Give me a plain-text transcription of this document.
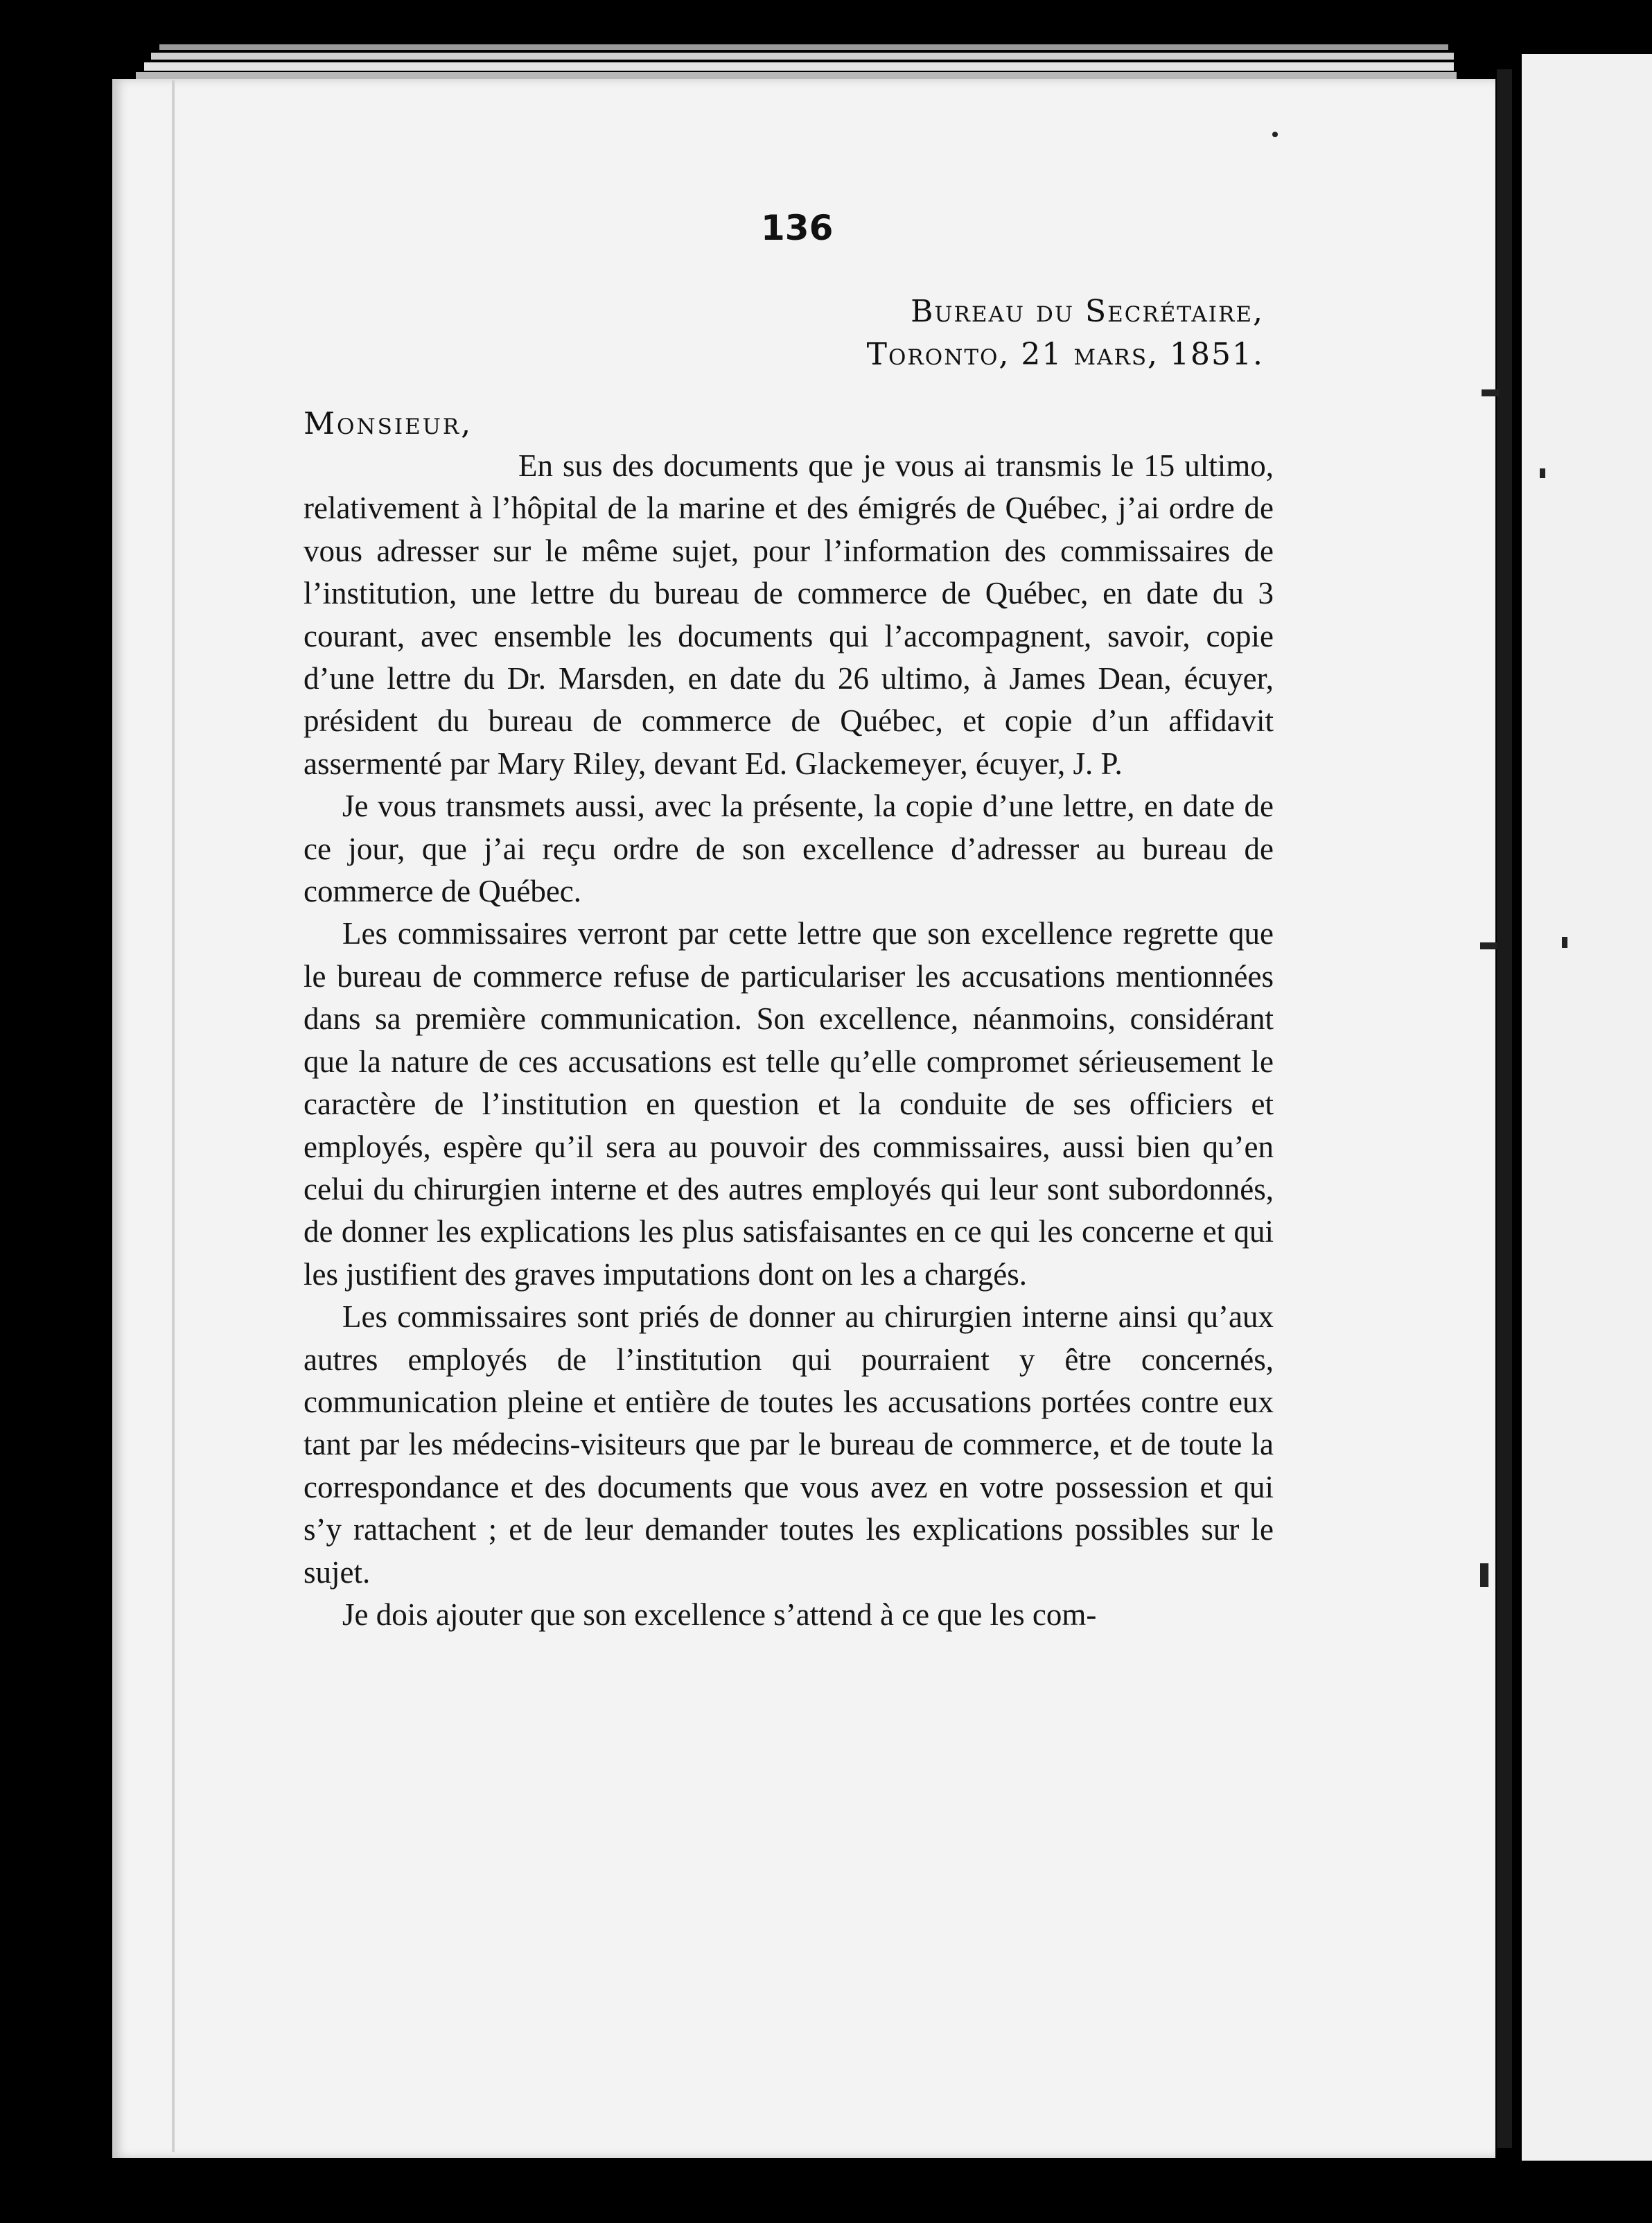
136
Bureau du Secrétaire,
Toronto, 21 mars, 1851.
Monsieur,

En sus des documents que je vous ai transmis le 15 ultimo, relativement à l’hôpital de la marine et des émigrés de Québec, j’ai ordre de vous adresser sur le même sujet, pour l’information des commissaires de l’institution, une lettre du bureau de commerce de Québec, en date du 3 courant, avec ensemble les documents qui l’accompagnent, savoir, copie d’une lettre du Dr. Marsden, en date du 26 ultimo, à James Dean, écuyer, président du bureau de commerce de Québec, et copie d’un affidavit assermenté par Mary Riley, devant Ed. Glackemeyer, écuyer, J. P.

Je vous transmets aussi, avec la présente, la copie d’une lettre, en date de ce jour, que j’ai reçu ordre de son excellence d’adresser au bureau de commerce de Québec.

Les commissaires verront par cette lettre que son excellence regrette que le bureau de commerce refuse de particulariser les accusations mentionnées dans sa première communication. Son excellence, néanmoins, considérant que la nature de ces accusations est telle qu’elle compromet sérieusement le caractère de l’institution en question et la conduite de ses officiers et employés, espère qu’il sera au pouvoir des commissaires, aussi bien qu’en celui du chirurgien interne et des autres employés qui leur sont subordonnés, de donner les explications les plus satisfaisantes en ce qui les concerne et qui les justifient des graves imputations dont on les a chargés.

Les commissaires sont priés de donner au chirurgien interne ainsi qu’aux autres employés de l’institution qui pourraient y être concernés, communication pleine et entière de toutes les accusations portées contre eux tant par les médecins-visiteurs que par le bureau de commerce, et de toute la correspondance et des documents que vous avez en votre possession et qui s’y rattachent ; et de leur demander toutes les explications possibles sur le sujet.

Je dois ajouter que son excellence s’attend à ce que les com-
